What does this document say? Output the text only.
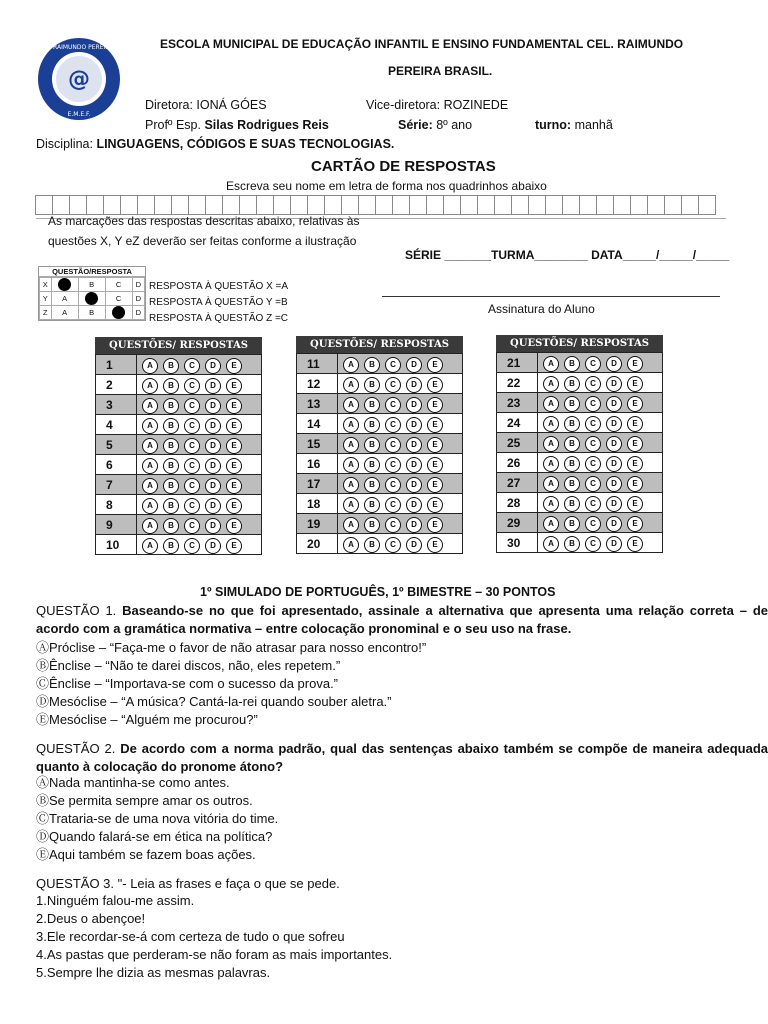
@
CORONEL RAIMUNDO PEREIRA BRASIL
E.M.E.F.
ESCOLA MUNICIPAL DE EDUCAÇÃO INFANTIL E ENSINO FUNDAMENTAL CEL. RAIMUNDO
PEREIRA BRASIL.
Diretora: IONÁ GÓES	Vice-diretora: ROZINEDE
Profº Esp. Silas Rodrigues Reis	Série: 8º ano	turno: manhã
Disciplina: LINGUAGENS, CÓDIGOS E SUAS TECNOLOGIAS.
CARTÃO DE RESPOSTAS
Escreva seu nome em letra de forma nos quadrinhos abaixo
As marcações das respostas descritas abaixo, relativas às
questões X, Y eZ deverão ser feitas conforme a ilustração
SÉRIE _______TURMA________ DATA_____/_____/_____
Assinatura do Aluno
QUESTÃO/RESPOSTA
X		B	C	D
Y	A		C	D
Z	A	B		D
RESPOSTA À QUESTÃO X =A
RESPOSTA À QUESTÃO Y =B
RESPOSTA À QUESTÃO Z =C
QUESTÕES/ RESPOSTAS
1	A B C D E
2	A B C D E
3	A B C D E
4	A B C D E
5	A B C D E
6	A B C D E
7	A B C D E
8	A B C D E
9	A B C D E
10	A B C D E
QUESTÕES/ RESPOSTAS
11	A B C D E
12	A B C D E
13	A B C D E
14	A B C D E
15	A B C D E
16	A B C D E
17	A B C D E
18	A B C D E
19	A B C D E
20	A B C D E
QUESTÕES/ RESPOSTAS
21	A B C D E
22	A B C D E
23	A B C D E
24	A B C D E
25	A B C D E
26	A B C D E
27	A B C D E
28	A B C D E
29	A B C D E
30	A B C D E
1º SIMULADO DE PORTUGUÊS, 1º BIMESTRE – 30 PONTOS
QUESTÃO 1. Baseando-se no que foi apresentado, assinale a alternativa que apresenta uma relação correta – de acordo com a gramática normativa – entre colocação pronominal e o seu uso na frase.
ⒶPróclise – “Faça-me o favor de não atrasar para nosso encontro!”
ⒷÊnclise – “Não te darei discos, não, eles repetem.”
ⒸÊnclise – “Importava-se com o sucesso da prova.”
ⒹMesóclise – “A música? Cantá-la-rei quando souber aletra.”
ⒺMesóclise – “Alguém me procurou?”
QUESTÃO 2. De acordo com a norma padrão, qual das sentenças abaixo também se compõe de maneira adequada quanto à colocação do pronome átono?
ⒶNada mantinha-se como antes.
ⒷSe permita sempre amar os outros.
ⒸTrataria-se de uma nova vitória do time.
ⒹQuando falará-se em ética na política?
ⒺAqui também se fazem boas ações.
QUESTÃO 3. "- Leia as frases e faça o que se pede.
1.Ninguém falou-me assim.
2.Deus o abençoe!
3.Ele recordar-se-á com certeza de tudo o que sofreu
4.As pastas que perderam-se não foram as mais importantes.
5.Sempre lhe dizia as mesmas palavras.
